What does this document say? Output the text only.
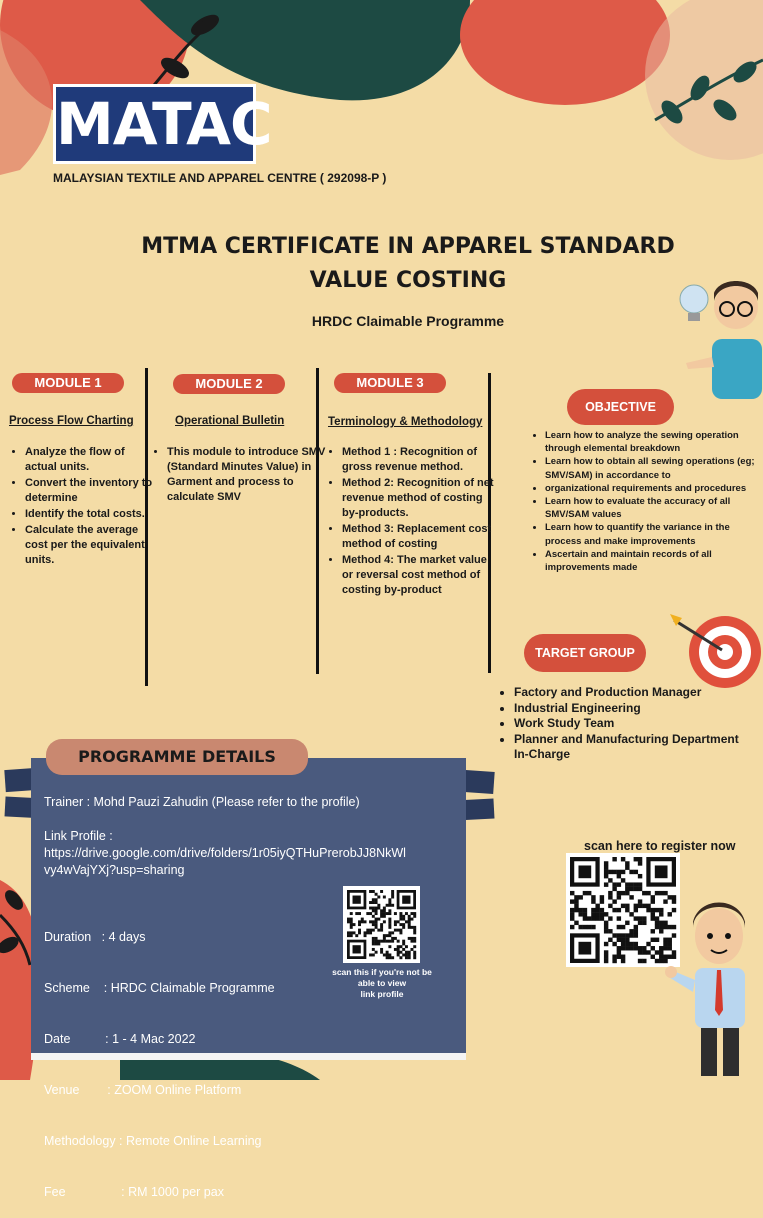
MATAC
MALAYSIAN TEXTILE AND APPAREL CENTRE ( 292098-P )
MTMA CERTIFICATE IN APPAREL STANDARD
VALUE COSTING
HRDC Claimable Programme
MODULE 1
Process Flow Charting
• Analyze the flow of actual units.
• Convert the inventory to determine
• Identify the total costs.
• Calculate the average cost per the equivalent units.
MODULE 2
Operational Bulletin
• This module to introduce SMV (Standard Minutes Value) in Garment and process to calculate SMV
MODULE 3
Terminology & Methodology
• Method 1 : Recognition of gross revenue method.
• Method 2: Recognition of net revenue method of costing by-products.
• Method 3: Replacement cost method of costing
• Method 4: The market value or reversal cost method of costing by-product
OBJECTIVE
• Learn how to analyze the sewing operation through elemental breakdown
• Learn how to obtain all sewing operations (eg; SMV/SAM) in accordance to
• organizational requirements and procedures
• Learn how to evaluate the accuracy of all SMV/SAM values
• Learn how to quantify the variance in the process and make improvements
• Ascertain and maintain records of all improvements made
TARGET GROUP
• Factory and Production Manager
• Industrial Engineering
• Work Study Team
• Planner and Manufacturing Department In-Charge
PROGRAMME DETAILS
Trainer : Mohd Pauzi Zahudin (Please refer to the profile)
Link Profile :
https://drive.google.com/drive/folders/1r05iyQTHuPrerobJJ8NkWl
vy4wVajYXj?usp=sharing

Duration   : 4 days

Scheme    : HRDC Claimable Programme

Date          : 1 - 4 Mac 2022

Venue        : ZOOM Online Platform

Methodology : Remote Online Learning

Fee                : RM 1000 per pax

scan this if you're not be
able to view
link profile
scan here to register now
